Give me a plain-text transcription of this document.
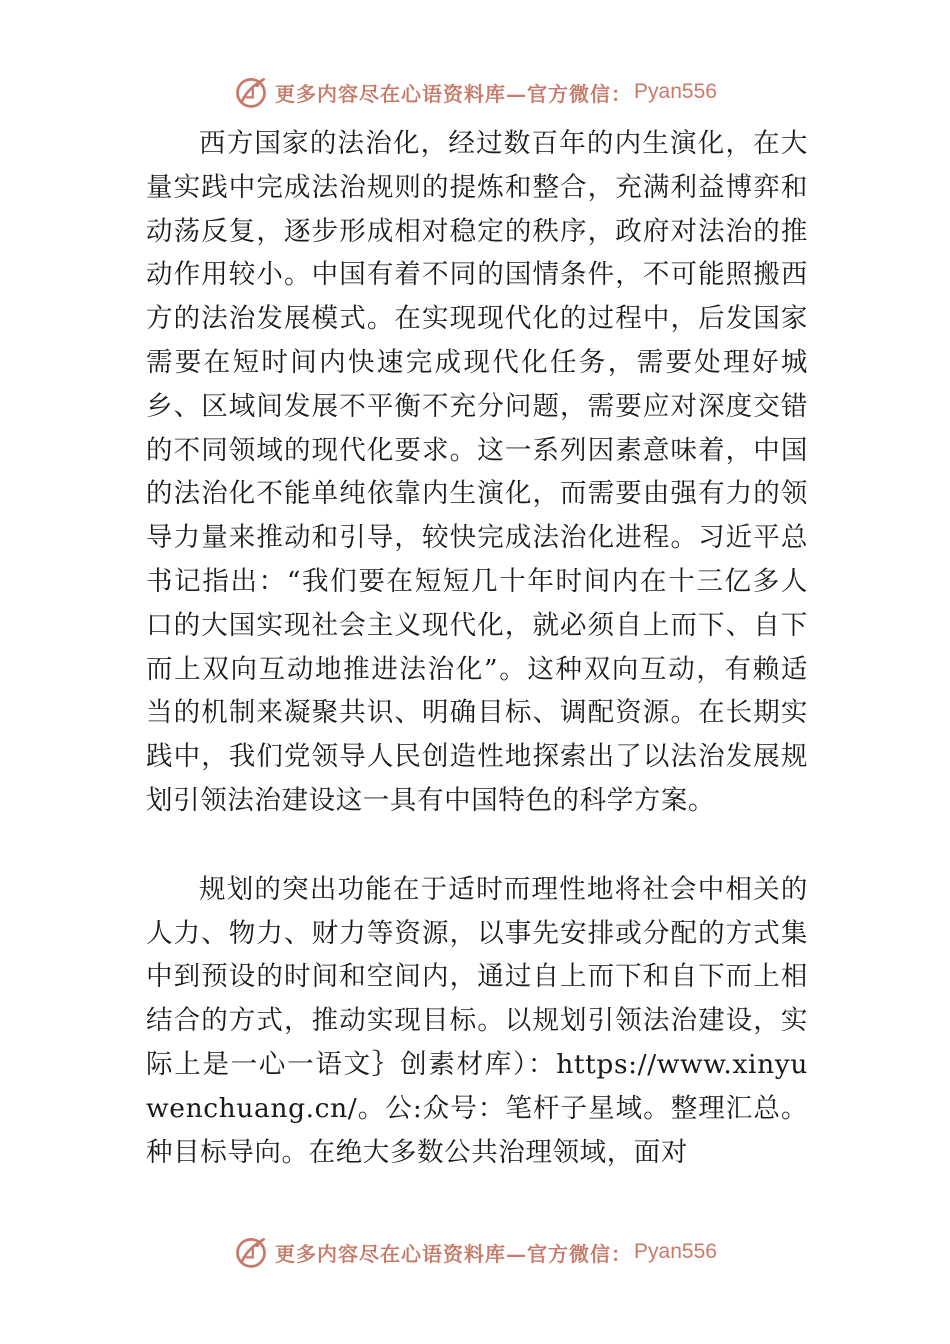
更多内容尽在心语资料库—官方微信： Pyan556

西方国家的法治化，经过数百年的内生演化，在大量实践中完成法治规则的提炼和整合，充满利益博弈和动荡反复，逐步形成相对稳定的秩序，政府对法治的推动作用较小。中国有着不同的国情条件，不可能照搬西方的法治发展模式。在实现现代化的过程中，后发国家需要在短时间内快速完成现代化任务，需要处理好城乡、区域间发展不平衡不充分问题，需要应对深度交错的不同领域的现代化要求。这一系列因素意味着，中国的法治化不能单纯依靠内生演化，而需要由强有力的领导力量来推动和引导，较快完成法治化进程。习近平总书记指出：“我们要在短短几十年时间内在十三亿多人口的大国实现社会主义现代化，就必须自上而下、自下而上双向互动地推进法治化”。这种双向互动，有赖适当的机制来凝聚共识、明确目标、调配资源。在长期实践中，我们党领导人民创造性地探索出了以法治发展规划引领法治建设这一具有中国特色的科学方案。

规划的突出功能在于适时而理性地将社会中相关的人力、物力、财力等资源，以事先安排或分配的方式集中到预设的时间和空间内，通过自上而下和自下而上相结合的方式，推动实现目标。以规划引领法治建设，实际上是一心一语文｝创素材库）：https://www.xinyuwenchuang.cn/。公:众号：笔杆子星域。整理汇总。种目标导向。在绝大多数公共治理领域，面对

更多内容尽在心语资料库—官方微信： Pyan556
